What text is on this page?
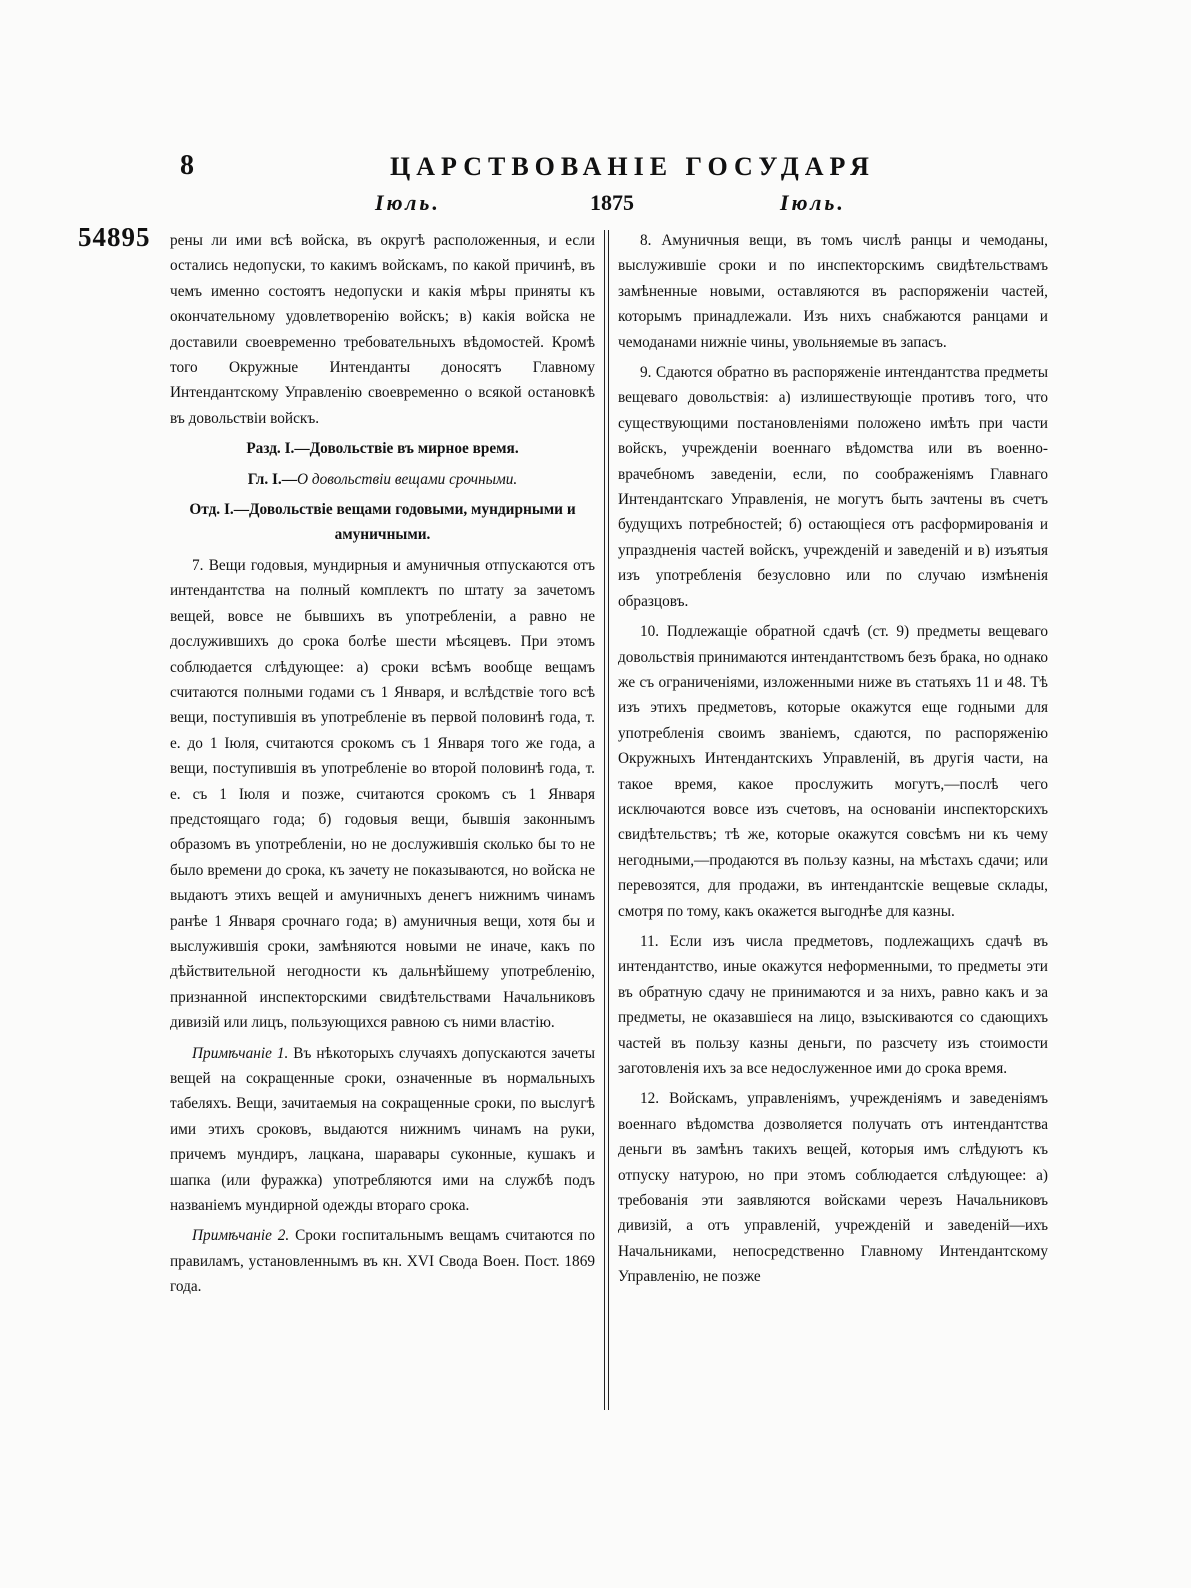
8	ЦАРСТВОВАНІЕ ГОСУДАРЯ
Іюль.	1875	Іюль.
54895 рены ли ими всѣ войска, въ округѣ расположенныя, и если остались недопуски, то какимъ войскамъ, по какой причинѣ, въ чемъ именно состоятъ недопуски и какія мѣры приняты къ окончательному удовлетворенію войскъ; в) какія войска не доставили своевременно требовательныхъ вѣдомостей. Кромѣ того Окружные Интенданты доносятъ Главному Интендантскому Управленію своевременно о всякой остановкѣ въ довольствіи войскъ.

Разд. I.—Довольствіе въ мирное время.

Гл. I.—О довольствіи вещами срочными.

Отд. I.—Довольствіе вещами годовыми, мундирными и амуничными.

7. Вещи годовыя, мундирныя и амуничныя отпускаются отъ интендантства на полный комплектъ по штату за зачетомъ вещей, вовсе не бывшихъ въ употребленіи, а равно не дослужившихъ до срока болѣе шести мѣсяцевъ. При этомъ соблюдается слѣдующее: а) сроки всѣмъ вообще вещамъ считаются полными годами съ 1 Января, и вслѣдствіе того всѣ вещи, поступившія въ употребленіе въ первой половинѣ года, т. е. до 1 Іюля, считаются срокомъ съ 1 Января того же года, а вещи, поступившія въ употребленіе во второй половинѣ года, т. е. съ 1 Іюля и позже, считаются срокомъ съ 1 Января предстоящаго года; б) годовыя вещи, бывшія законнымъ образомъ въ употребленіи, но не дослужившія сколько бы то не было времени до срока, къ зачету не показываются, но войска не выдаютъ этихъ вещей и амуничныхъ денегъ нижнимъ чинамъ ранѣе 1 Января срочнаго года; в) амуничныя вещи, хотя бы и выслужившія сроки, замѣняются новыми не иначе, какъ по дѣйствительной негодности къ дальнѣйшему употребленію, признанной инспекторскими свидѣтельствами Начальниковъ дивизій или лицъ, пользующихся равною съ ними властію.

Примѣчаніе 1. Въ нѣкоторыхъ случаяхъ допускаются зачеты вещей на сокращенные сроки, означенные въ нормальныхъ табеляхъ. Вещи, зачитаемыя на сокращенные сроки, по выслугѣ ими этихъ сроковъ, выдаются нижнимъ чинамъ на руки, причемъ мундиръ, лацкана, шаравары суконные, кушакъ и шапка (или фуражка) употребляются ими на службѣ подъ названіемъ мундирной одежды втораго срока.

Примѣчаніе 2. Сроки госпитальнымъ вещамъ считаются по правиламъ, установленнымъ въ кн. XVI Свода Воен. Пост. 1869 года.

8. Амуничныя вещи, въ томъ числѣ ранцы и чемоданы, выслужившіе сроки и по инспекторскимъ свидѣтельствамъ замѣненные новыми, оставляются въ распоряженіи частей, которымъ принадлежали. Изъ нихъ снабжаются ранцами и чемоданами нижніе чины, увольняемые въ запасъ.

9. Сдаются обратно въ распоряженіе интендантства предметы вещеваго довольствія: а) излишествующіе противъ того, что существующими постановленіями положено имѣть при части войскъ, учрежденіи военнаго вѣдомства или въ военно-врачебномъ заведеніи, если, по соображеніямъ Главнаго Интендантскаго Управленія, не могутъ быть зачтены въ счетъ будущихъ потребностей; б) остающіеся отъ расформированія и упраздненія частей войскъ, учрежденій и заведеній и в) изъятыя изъ употребленія безусловно или по случаю измѣненія образцовъ.

10. Подлежащіе обратной сдачѣ (ст. 9) предметы вещеваго довольствія принимаются интендантствомъ безъ брака, но однако же съ ограниченіями, изложенными ниже въ статьяхъ 11 и 48. Тѣ изъ этихъ предметовъ, которые окажутся еще годными для употребленія своимъ званіемъ, сдаются, по распоряженію Окружныхъ Интендантскихъ Управленій, въ другія части, на такое время, какое прослужить могутъ,—послѣ чего исключаются вовсе изъ счетовъ, на основаніи инспекторскихъ свидѣтельствъ; тѣ же, которые окажутся совсѣмъ ни къ чему негодными,—продаются въ пользу казны, на мѣстахъ сдачи; или перевозятся, для продажи, въ интендантскіе вещевые склады, смотря по тому, какъ окажется выгоднѣе для казны.

11. Если изъ числа предметовъ, подлежащихъ сдачѣ въ интендантство, иные окажутся неформенными, то предметы эти въ обратную сдачу не принимаются и за нихъ, равно какъ и за предметы, не оказавшіеся на лицо, взыскиваются со сдающихъ частей въ пользу казны деньги, по разсчету изъ стоимости заготовленія ихъ за все недослуженное ими до срока время.

12. Войскамъ, управленіямъ, учрежденіямъ и заведеніямъ военнаго вѣдомства дозволяется получать отъ интендантства деньги въ замѣнъ такихъ вещей, которыя имъ слѣдуютъ къ отпуску натурою, но при этомъ соблюдается слѣдующее: а) требованія эти заявляются войсками черезъ Начальниковъ дивизій, а отъ управленій, учрежденій и заведеній—ихъ Начальниками, непосредственно Главному Интендантскому Управленію, не позже
